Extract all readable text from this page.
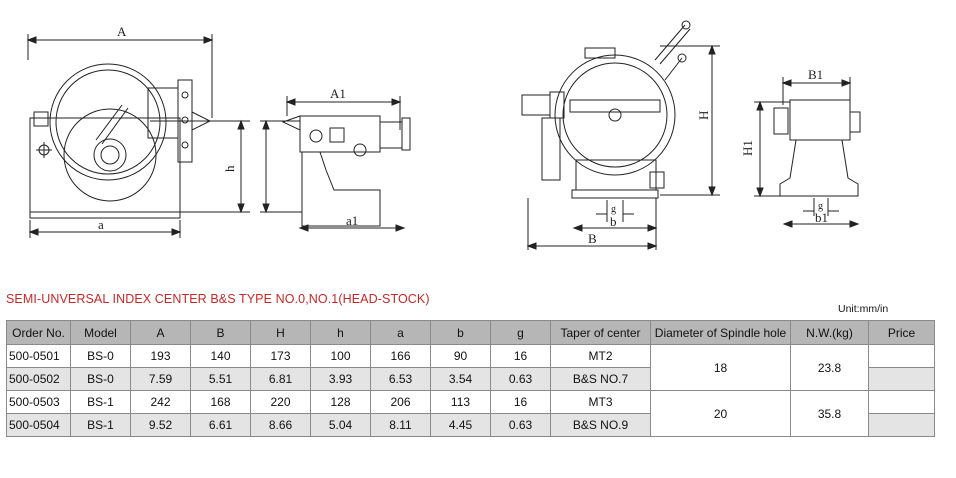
A
a
h
A1
a1
H
B
b
g
B1
H1
b1
g
SEMI-UNVERSAL INDEX CENTER B&S TYPE NO.0,NO.1(HEAD-STOCK)
Unit:mm/in
Order No.	Model	A	B	H	h	a	b	g	Taper of center	Diameter of Spindle hole	N.W.(kg)	Price
500-0501	BS-0	193	140	173	100	166	90	16	MT2	18	23.8	
500-0502	BS-0	7.59	5.51	6.81	3.93	6.53	3.54	0.63	B&S NO.7			
500-0503	BS-1	242	168	220	128	206	113	16	MT3	20	35.8	
500-0504	BS-1	9.52	6.61	8.66	5.04	8.11	4.45	0.63	B&S NO.9			
